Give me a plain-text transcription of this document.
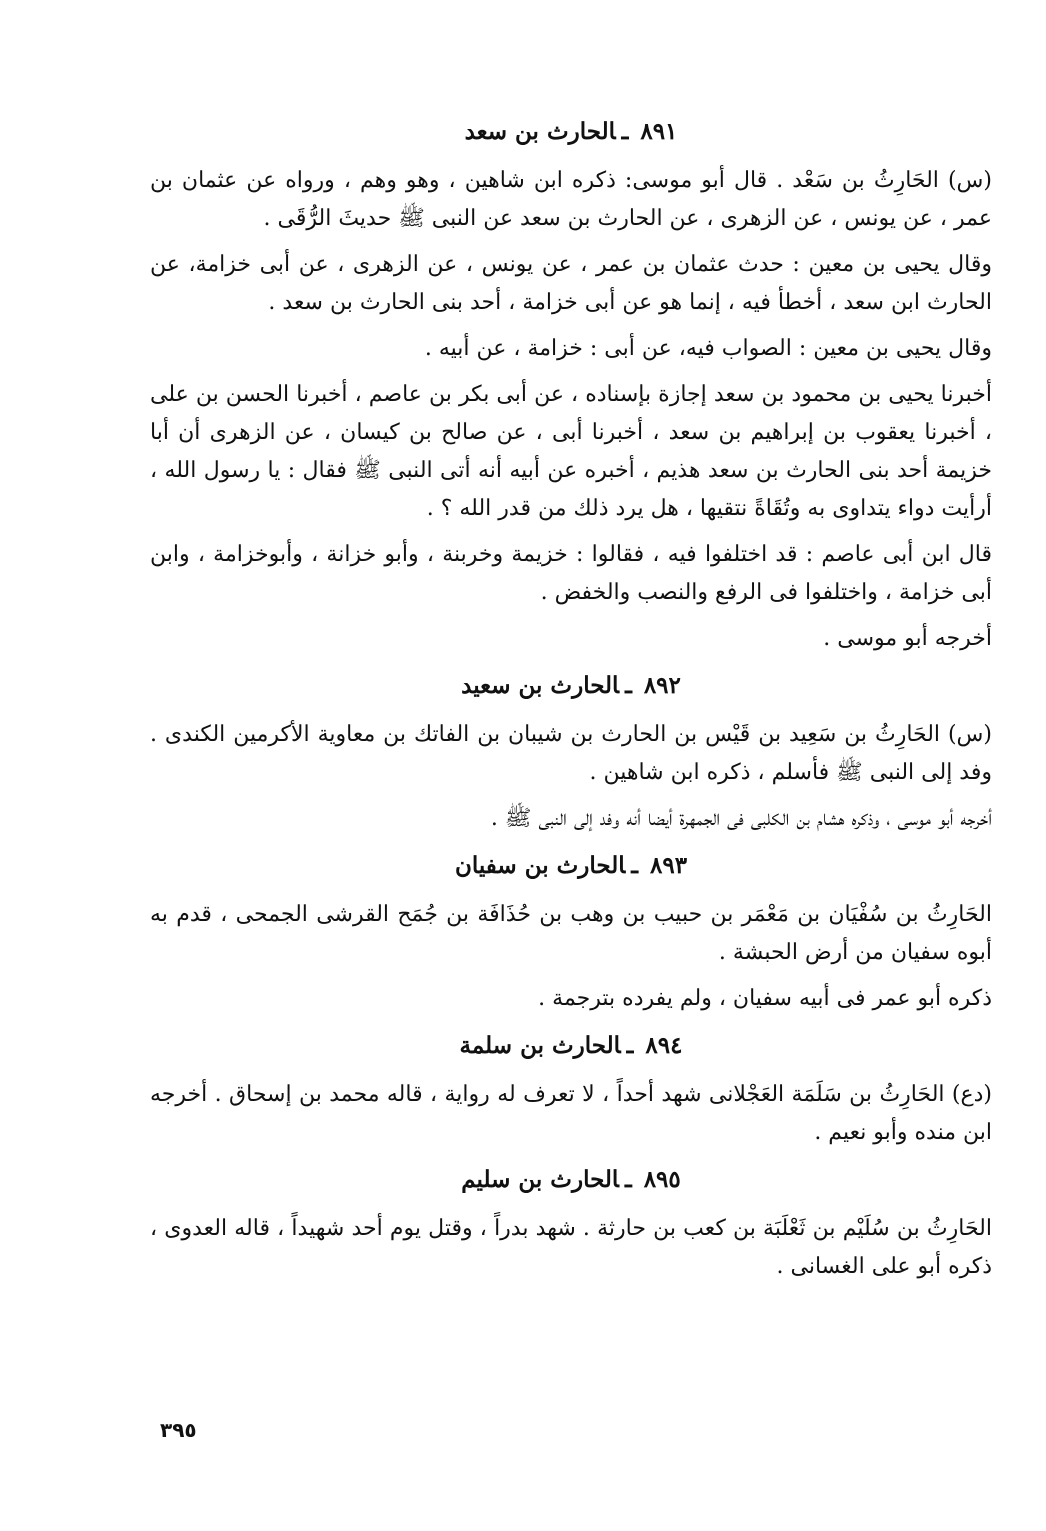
٨٩١ـالحارث بن سعد

(س) الحَارِثُ بن سَعْد . قال أبو موسى: ذكره ابن شاهين ، وهو وهم ، ورواه عن عثمان بن عمر ، عن يونس ، عن الزهرى ، عن الحارث بن سعد عن النبى ﷺ حديثَ الرُّقَى .

وقال يحيى بن معين : حدث عثمان بن عمر ، عن يونس ، عن الزهرى ، عن أبى خزامة، عن الحارث ابن سعد ، أخطأ فيه ، إنما هو عن أبى خزامة ، أحد بنى الحارث بن سعد .

وقال يحيى بن معين : الصواب فيه، عن أبى : خزامة ، عن أبيه .

أخبرنا يحيى بن محمود بن سعد إجازة بإسناده ، عن أبى بكر بن عاصم ، أخبرنا الحسن بن على ، أخبرنا يعقوب بن إبراهيم بن سعد ، أخبرنا أبى ، عن صالح بن كيسان ، عن الزهرى أن أبا خزيمة أحد بنى الحارث بن سعد هذيم ، أخبره عن أبيه أنه أتى النبى ﷺ فقال : يا رسول الله ، أرأيت دواء يتداوى به وتُقَاةً نتقيها ، هل يرد ذلك من قدر الله ؟ .

قال ابن أبى عاصم : قد اختلفوا فيه ، فقالوا : خزيمة وخربنة ، وأبو خزانة ، وأبوخزامة ، وابن أبى خزامة ، واختلفوا فى الرفع والنصب والخفض .

أخرجه أبو موسى .

٨٩٢ـالحارث بن سعيد

(س) الحَارِثُ بن سَعِيد بن قَيْس بن الحارث بن شيبان بن الفاتك بن معاوية الأكرمين الكندى . وفد إلى النبى ﷺ فأسلم ، ذكره ابن شاهين .

أخرجه أبو موسى ، وذكره هشام بن الكلبى فى الجمهرة أيضا أنه وفد إلى النبى ﷺ .

٨٩٣ـالحارث بن سفيان

الحَارِثُ بن سُفْيَان بن مَعْمَر بن حبيب بن وهب بن حُذَافَة بن جُمَح القرشى الجمحى ، قدم به أبوه سفيان من أرض الحبشة .

ذكره أبو عمر فى أبيه سفيان ، ولم يفرده بترجمة .

٨٩٤ـالحارث بن سلمة

(دع) الحَارِثُ بن سَلَمَة العَجْلانى شهد أحداً ، لا تعرف له رواية ، قاله محمد بن إسحاق . أخرجه ابن منده وأبو نعيم .

٨٩٥ـالحارث بن سليم

الحَارِثُ بن سُلَيْم بن ثَعْلَبَة بن كعب بن حارثة . شهد بدراً ، وقتل يوم أحد شهيداً ، قاله العدوى ، ذكره أبو على الغسانى .

٣٩٥
